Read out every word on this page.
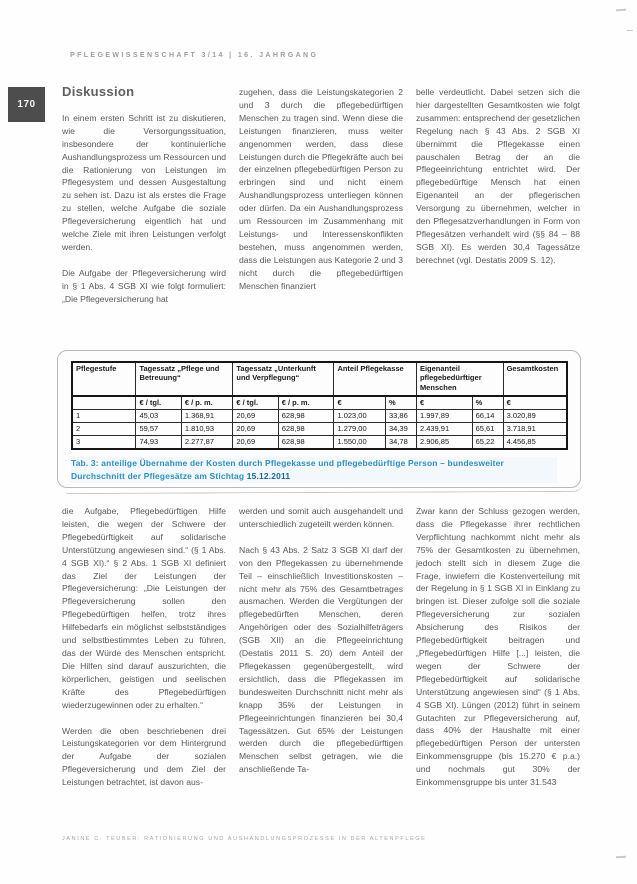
PFLEGEWISSENSCHAFT 3/14 | 16. JAHRGANG
170
Diskussion

In einem ersten Schritt ist zu diskutieren, wie die Versorgungssituation, insbesondere der kontinuierliche Aushandlungsprozess um Ressourcen und die Rationierung von Leistungen im Pflegesystem und dessen Ausgestaltung zu sehen ist. Dazu ist als erstes die Frage zu stellen, welche Aufgabe die soziale Pflegeversicherung eigentlich hat und welche Ziele mit ihren Leistungen verfolgt werden.

Die Aufgabe der Pflegeversicherung wird in § 1 Abs. 4 SGB XI wie folgt formuliert: „Die Pflegeversicherung hat

zugehen, dass die Leistungskategorien 2 und 3 durch die pflegebedürftigen Menschen zu tragen sind. Wenn diese die Leistungen finanzieren, muss weiter angenommen werden, dass diese Leistungen durch die Pflegekräfte auch bei der einzelnen pflegebedürftigen Person zu erbringen sind und nicht einem Aushandlungsprozess unterliegen können oder dürfen. Da ein Aushandlungsprozess um Ressourcen im Zusammenhang mit Leistungs- und Interessenskonflikten bestehen, muss angenommen werden, dass die Leistungen aus Kategorie 2 und 3 nicht durch die pflegebedürftigen Menschen finanziert

belle verdeutlicht. Dabei setzen sich die hier dargestellten Gesamtkosten wie folgt zusammen: entsprechend der gesetzlichen Regelung nach § 43 Abs. 2 SGB XI übernimmt die Pflegekasse einen pauschalen Betrag der an die Pflegeeinrichtung entrichtet wird. Der pflegebedürftige Mensch hat einen Eigenanteil an der pflegerischen Versorgung zu übernehmen, welcher in den Pflegesatzverhandlungen in Form von Pflegesätzen verhandelt wird (§§ 84 – 88 SGB XI). Es werden 30,4 Tagessätze berechnet (vgl. Destatis 2009 S. 12).

Pflegestufe	Tagessatz „Pflege und Betreuung“		Tagessatz „Unterkunft und Verpflegung“		Anteil Pflegekasse		Eigenanteil pflegebedürftiger Menschen		Gesamtkosten
	€ / tgl.	€ / p. m.	€ / tgl.	€ / p. m.	€	%	€	%	€
1	45,03	1.368,91	20,69	628,98	1.023,00	33,86	1.997,89	66,14	3.020,89
2	59,57	1.810,93	20,69	628,98	1.279,00	34,39	2.439,91	65,61	3.718,91
3	74,93	2.277,87	20,69	628,98	1.550,00	34,78	2.906,85	65,22	4.456,85
Tab. 3: anteilige Übernahme der Kosten durch Pflegekasse und pflegebedürftige Person – bundesweiter Durchschnitt der Pflegesätze am Stichtag 15.12.2011

die Aufgabe, Pflegebedürftigen Hilfe leisten, die wegen der Schwere der Pflegebedürftigkeit auf solidarische Unterstützung angewiesen sind.“ (§ 1 Abs. 4 SGB XI).“ § 2 Abs. 1 SGB XI definiert das Ziel der Leistungen der Pflegeversicherung: „Die Leistungen der Pflegeversicherung sollen den Pflegebedürftigen helfen, trotz ihres Hilfebedarfs ein möglichst selbstständiges und selbstbestimmtes Leben zu führen, das der Würde des Menschen entspricht. Die Hilfen sind darauf auszurichten, die körperlichen, geistigen und seelischen Kräfte des Pflegebedürftigen wiederzugewinnen oder zu erhalten.“

Werden die oben beschriebenen drei Leistungskategorien vor dem Hintergrund der Aufgabe der sozialen Pflegeversicherung und dem Ziel der Leistungen betrachtet, ist davon aus-

werden und somit auch ausgehandelt und unterschiedlich zugeteilt werden können.

Nach § 43 Abs. 2 Satz 3 SGB XI darf der von den Pflegekassen zu übernehmende Teil – einschließlich Investitionskosten – nicht mehr als 75% des Gesamtbetrages ausmachen. Werden die Vergütungen der pflegebedürften Menschen, deren Angehörigen oder des Sozialhilfeträgers (SGB XII) an die Pflegeeinrichtung (Destatis 2011 S. 20) dem Anteil der Pflegekassen gegenübergestellt, wird ersichtlich, dass die Pflegekassen im bundesweiten Durchschnitt nicht mehr als knapp 35% der Leistungen in Pflegeeinrichtungen finanzieren bei 30,4 Tagessätzen. Gut 65% der Leistungen werden durch die pflegebedürftigen Menschen selbst getragen, wie die anschließende Ta-

Zwar kann der Schluss gezogen werden, dass die Pflegekasse ihrer rechtlichen Verpflichtung nachkommt nicht mehr als 75% der Gesamtkosten zu übernehmen, jedoch stellt sich in diesem Zuge die Frage, inwiefern die Kostenverteilung mit der Regelung in § 1 SGB XI in Einklang zu bringen ist. Dieser zufolge soll die soziale Pflegeversicherung zur sozialen Absicherung des Risikos der Pflegebedürftigkeit beitragen und „Pflegebedürftigen Hilfe [...] leisten, die wegen der Schwere der Pflegebedürftigkeit auf solidarische Unterstützung angewiesen sind“ (§ 1 Abs. 4 SGB XI). Lüngen (2012) führt in seinem Gutachten zur Pflegeversicherung auf, dass 40% der Haushalte mit einer pflegebedürftigen Person der untersten Einkommensgruppe (bis 15.270 € p.a.) und nochmals gut 30% der Einkommensgruppe bis unter 31.543

JANINE C. TEUBER: RATIONIERUNG UND AUSHANDLUNGSPROZESSE IN DER ALTENPFLEGE
